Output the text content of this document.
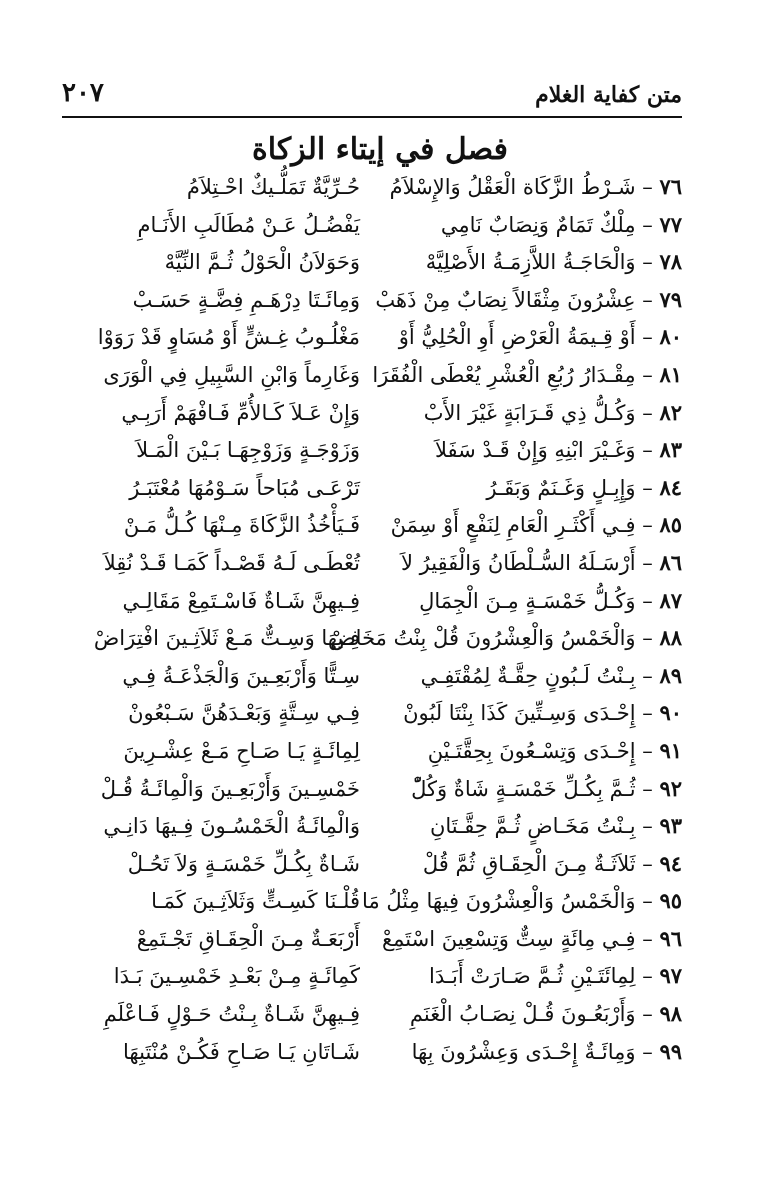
متن كفاية الغلام
٢٠٧
فصل في إيتاء الزكاة
٧٦ – شَـرْطُ الزَّكَاة الْعَقْلُ وَالإِسْلاَمُ
حُـرِّيَّةٌ تَمَلُّـيكٌ احْـتِلاَمُ
٧٧ – مِلْكٌ تَمَامٌ وَنِصَابٌ نَامِي
يَفْضُـلُ عَـنْ مُطَالَبِ الأَنَـامِ
٧٨ – وَالْحَاجَـةُ اللاَّزِمَـةُ الأَصْلِيَّهْ
وَحَوَلاَنُ الْحَوْلُ ثُـمَّ النِّيَّهْ
٧٩ – عِشْرُونَ مِثْقَالاً نِصَابٌ مِنْ ذَهَبْ
وَمِائَـتَا دِرْهَـمِ فِضَّـةٍ حَسَـبْ
٨٠ – أَوْ قِـيمَةُ الْعَرْضِ أَوِ الْحُلِيُّ أَوْ
مَغْلُـوبُ غِـشٍّ أَوْ مُسَاوٍ قَدْ رَوَوْا
٨١ – مِقْـدَارُ رُبُعِ الْعُشْرِ يُعْطَى الْفُقَرَا
وَغَارِماً وَابْنِ السَّبِيلِ فِي الْوَرَى
٨٢ – وَكُـلُّ ذِي قَـرَابَةٍ غَيْرَ الأَبْ
وَإِنْ عَـلاَ كَـالأُمِّ فَـافْهَمْ أَرَبِـي
٨٣ – وَغَـيْرَ ابْنِهِ وَإِنْ قَـدْ سَفَلاَ
وَزَوْجَـةٍ وَزَوْجِهَـا بَـيْنَ الْمَـلاَ
٨٤ – وَإِبِـلٍ وَغَـنَمٌ وَبَقَـرُ
تَرْعَـى مُبَاحاً سَـوْمُهَا مُعْتَبَـرُ
٨٥ – فِـي أَكْثَـرِ الْعَامِ لِنَفْعٍ أَوْ سِمَنْ
فَـيَأْخُذُ الزَّكَاةَ مِـنْهَا كُـلُّ مَـنْ
٨٦ – أَرْسَـلَهُ السُّـلْطَانُ وَالْفَقِيرُ لاَ
تُعْطَـى لَـهُ قَصْـداً كَمَـا قَـدْ نُقِلاَ
٨٧ – وَكُـلُّ خَمْسَـةٍ مِـنَ الْجِمَالِ
فِـيهِنَّ شَـاةٌ فَاسْـتَمِعْ مَقَالِـي
٨٨ – وَالْخَمْسُ وَالْعِشْرُونَ قُلْ بِنْتُ مَخَاضْ
فِـيهَا وَسِـتٌّ مَـعْ ثَلاَثِـينَ افْتِرَاضْ
٨٩ – بِـنْتُ لَـبُونٍ حِقَّـةٌ لِمُقْتَفِـي
سِـتًّا وَأَرْبَعِـينَ وَالْجَذْعَـةُ فِـي
٩٠ – إِحْـدَى وَسِـتِّينَ كَذَا بِنْتَا لَبُونْ
فِـي سِـتَّةٍ وَبَعْـدَهُنَّ سَـبْعُونْ
٩١ – إِحْـدَى وَتِسْـعُونَ بِحِقَّتَـيْنِ
لِمِائَـةٍ يَـا صَـاحِ مَـعْ عِشْـرِينَ
٩٢ – ثُـمَّ بِكُـلِّ خَمْسَـةٍ شَاةٌ وَكُلّْ
خَمْسِـينَ وَأَرْبَعِـينَ وَالْمِائَـةُ قُـلْ
٩٣ – بِـنْتُ مَخَـاضٍ ثُـمَّ حِقَّـتَانِ
وَالْمِائَـةُ الْخَمْسُـونَ فِـيهَا دَانِـي
٩٤ – ثَلاَثَـةٌ مِـنَ الْحِقَـاقِ ثُمَّ قُلْ
شَـاةٌ بِكُـلِّ خَمْسَـةٍ وَلاَ تَحُـلْ
٩٥ – وَالْخَمْسُ وَالْعِشْرُونَ فِيهَا مِثْلُ مَا
قُلْـنَا كَسِـتٍّ وَثَلاَثِـينَ كَمَـا
٩٦ – فِـي مِائَةٍ سِتٌّ وَتِسْعِينَ اسْتَمِعْ
أَرْبَعَـةٌ مِـنَ الْحِقَـاقِ تَجْـتَمِعْ
٩٧ – لِمِائَتَـيْنِ ثُـمَّ صَـارَتْ أَبَـدَا
كَمِائَـةٍ مِـنْ بَعْـدِ خَمْسِـينَ بَـدَا
٩٨ – وَأَرْبَعُـونَ قُـلْ نِصَـابُ الْغَنَمِ
فِـيهِنَّ شَـاةٌ بِـنْتُ حَـوْلٍ فَـاعْلَمِ
٩٩ – وَمِائَـةٌ إِحْـدَى وَعِشْرُونَ بِهَا
شَـاتَانِ يَـا صَـاحِ فَكُـنْ مُنْتَبِهَا
